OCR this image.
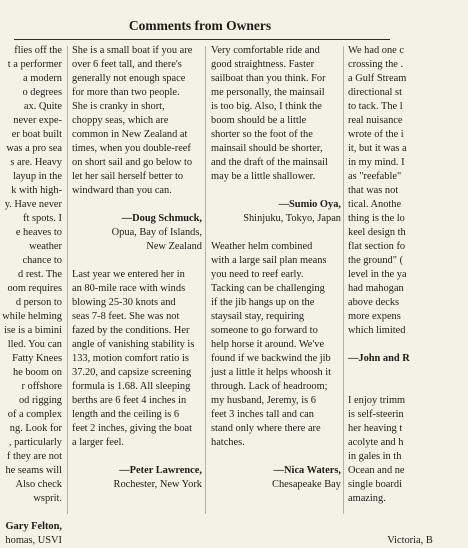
Comments from Owners
flies off the
t a performer
a modern
o degrees
ax. Quite
never expe-
er boat built
was a pro sea
s are. Heavy
layup in the
k with high-
y. Have never
ft spots. I
e heaves to
weather
chance to
d rest. The
oom requires
d person to
while helming
ise is a bimini
lled. You can
Fatty Knees
he boom on
r offshore
od rigging
of a complex
ng. Look for
, particularly
f they are not
he seams will
Also check
wsprit.
Gary Felton,
homas, USVI
She is a small boat if you are
over 6 feet tall, and there's
generally not enough space
for more than two people.
She is cranky in short,
choppy seas, which are
common in New Zealand at
times, when you double-reef
on short sail and go below to
let her sail herself better to
windward than you can.
—Doug Schmuck,
Opua, Bay of Islands,
New Zealand
Last year we entered her in
an 80-mile race with winds
blowing 25-30 knots and
seas 7-8 feet. She was not
fazed by the conditions. Her
angle of vanishing stability is
133, motion comfort ratio is
37.20, and capsize screening
formula is 1.68. All sleeping
berths are 6 feet 4 inches in
length and the ceiling is 6
feet 2 inches, giving the boat
a larger feel.
—Peter Lawrence,
Rochester, New York
Very comfortable ride and
good straightness. Faster
sailboat than you think. For
me personally, the mainsail
is too big. Also, I think the
boom should be a little
shorter so the foot of the
mainsail should be shorter,
and the draft of the mainsail
may be a little shallower.
—Sumio Oya,
Shinjuku, Tokyo, Japan
Weather helm combined
with a large sail plan means
you need to reef early.
Tacking can be challenging
if the jib hangs up on the
staysail stay, requiring
someone to go forward to
help horse it around. We've
found if we backwind the jib
just a little it helps whoosh it
through. Lack of headroom;
my husband, Jeremy, is 6
feet 3 inches tall and can
stand only where there are
hatches.
—Nica Waters,
Chesapeake Bay
We had one c
crossing the .
a Gulf Stream
directional st
to tack. The l
real nuisance
wrote of the i
it, but it was a
in my mind. I
as "reefable"
that was not
tical. Anothe
thing is the lo
keel design th
flat section fo
the ground" (
level in the ya
had mahogan
above decks
more expens
which limited
—John and R
I enjoy trimm
is self-steerin
her heaving t
acolyte and h
in gales in th
Ocean and ne
single boardi
amazing.
Victoria, B
